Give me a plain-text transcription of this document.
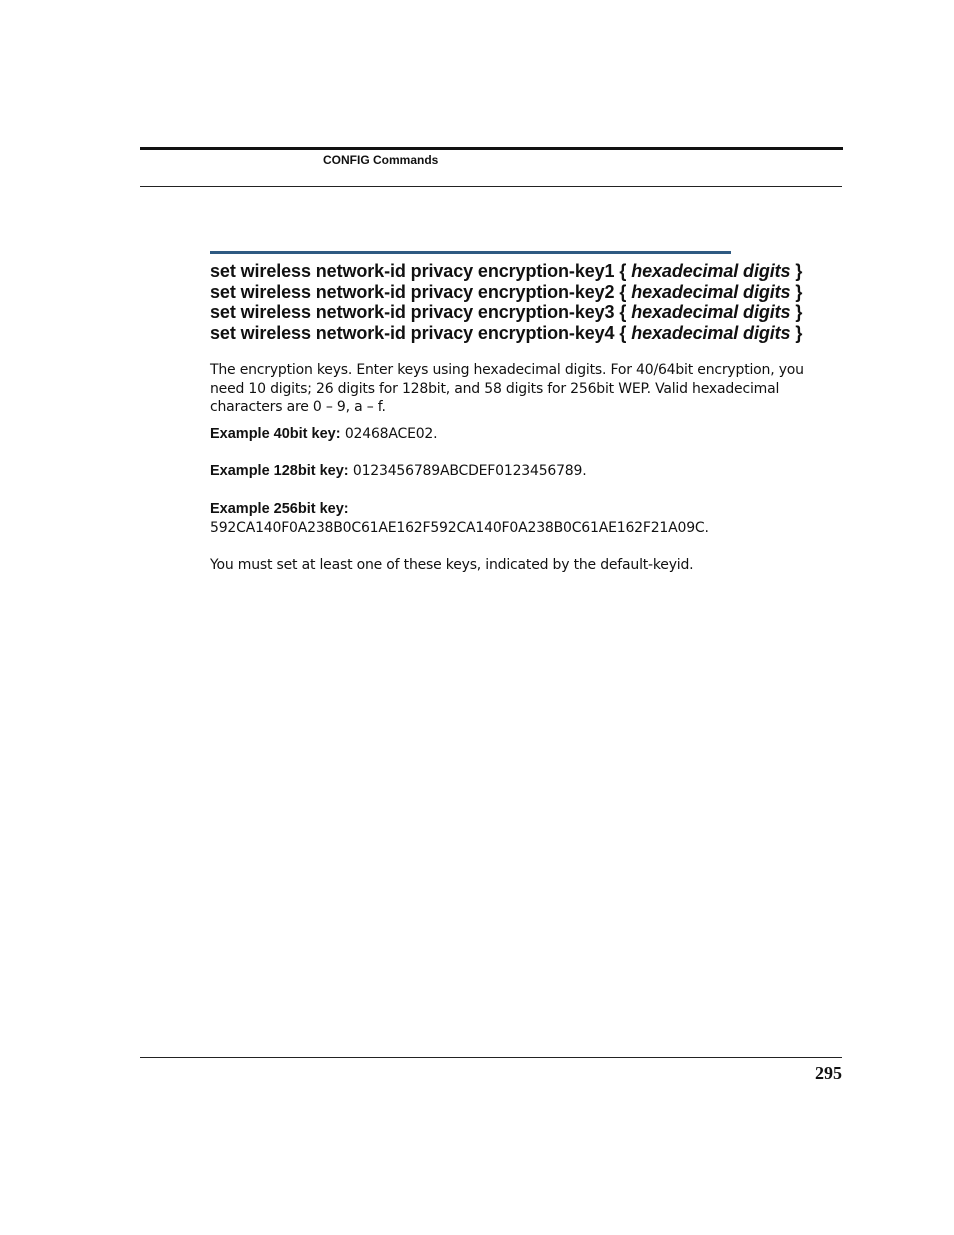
CONFIG Commands
set wireless network-id privacy encryption-key1 { hexadecimal digits }
set wireless network-id privacy encryption-key2 { hexadecimal digits }
set wireless network-id privacy encryption-key3 { hexadecimal digits }
set wireless network-id privacy encryption-key4 { hexadecimal digits }
The encryption keys. Enter keys using hexadecimal digits. For 40/64bit encryption, you need 10 digits; 26 digits for 128bit, and 58 digits for 256bit WEP. Valid hexadecimal characters are 0 – 9, a – f.
Example 40bit key: 02468ACE02.
Example 128bit key: 0123456789ABCDEF0123456789.
Example 256bit key:
592CA140F0A238B0C61AE162F592CA140F0A238B0C61AE162F21A09C.
You must set at least one of these keys, indicated by the default-keyid.
295
